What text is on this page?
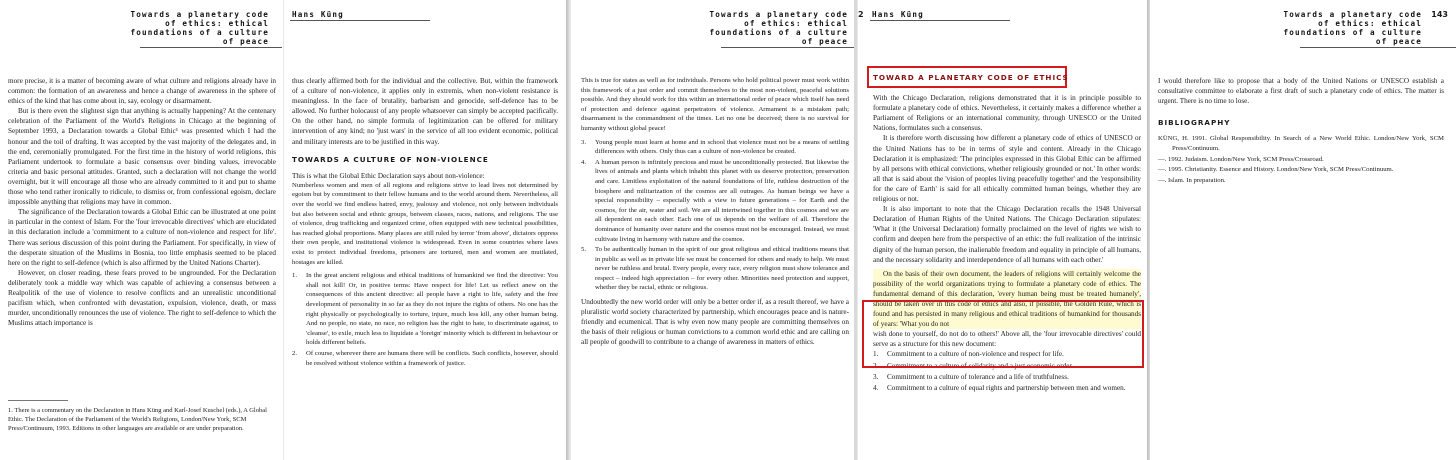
Towards a planetary code
of ethics: ethical
foundations of a culture
of peace

more precise, it is a matter of becoming aware of what culture and religions already have in common: the formation of an awareness and hence a change of awareness in the sphere of ethics of the kind that has come about in, say, ecology or disarmament.

But is there even the slightest sign that anything is actually happening? At the centenary celebration of the Parliament of the World's Religions in Chicago at the beginning of September 1993, a Declaration towards a Global Ethic¹ was presented which I had the honour and the toil of drafting. It was accepted by the vast majority of the delegates and, in the end, ceremonially promulgated. For the first time in the history of world religions, this Parliament undertook to formulate a basic consensus over binding values, irrevocable criteria and basic personal attitudes. Granted, such a declaration will not change the world overnight, but it will encourage all those who are already committed to it and put to shame those who tend rather ironically to ridicule, to dismiss or, from confessional egoism, declare impossible anything that religions may have in common.

The significance of the Declaration towards a Global Ethic can be illustrated at one point in particular in the context of Islam. For the 'four irrevocable directives' which are elucidated in this declaration include a 'commitment to a culture of non-violence and respect for life'. There was serious discussion of this point during the Parliament. For specifically, in view of the desperate situation of the Muslims in Bosnia, too little emphasis seemed to be placed here on the right to self-defence (which is also affirmed by the United Nations Charter).

However, on closer reading, these fears proved to be ungrounded. For the Declaration deliberately took a middle way which was capable of achieving a consensus between a Realpolitik of the use of violence to resolve conflicts and an unrealistic unconditional pacifism which, when confronted with devastation, expulsion, violence, death, or mass murder, unconditionally renounces the use of violence. The right to self-defence to which the Muslims attach importance is

1. There is a commentary on the Declaration in Hans Küng and Karl-Josef Kuschel (eds.), A Global Ethic. The Declaration of the Parliament of the World's Religions, London/New York, SCM Press/Continuum, 1993. Editions in other languages are available or are under preparation.
Hans Küng

thus clearly affirmed both for the individual and the collective. But, within the framework of a culture of non-violence, it applies only in extremis, when non-violent resistance is meaningless. In the face of brutality, barbarism and genocide, self-defence has to be allowed. No further holocaust of any people whatsoever can simply be accepted pacifically. On the other hand, no simple formula of legitimization can be offered for military intervention of any kind; no 'just wars' in the service of all too evident economic, political and military interests are to be justified in this way.

TOWARDS A CULTURE OF NON-VIOLENCE

This is what the Global Ethic Declaration says about non-violence:

Numberless women and men of all regions and religions strive to lead lives not determined by egoism but by commitment to their fellow humans and to the world around them. Nevertheless, all over the world we find endless hatred, envy, jealousy and violence, not only between individuals but also between social and ethnic groups, between classes, races, nations, and religions. The use of violence, drug trafficking and organized crime, often equipped with new technical possibilities, has reached global proportions. Many places are still ruled by terror 'from above', dictators oppress their own people, and institutional violence is widespread. Even in some countries where laws exist to protect individual freedoms, prisoners are tortured, men and women are mutilated, hostages are killed.

1. In the great ancient religious and ethical traditions of humankind we find the directive: You shall not kill! Or, in positive terms: Have respect for life! Let us reflect anew on the consequences of this ancient directive: all people have a right to life, safety and the free development of personality in so far as they do not injure the rights of others. No one has the right physically or psychologically to torture, injure, much less kill, any other human being. And no people, no state, no race, no religion has the right to hate, to discriminate against, to 'cleanse', to exile, much less to liquidate a 'foreign' minority which is different in behaviour or holds different beliefs.
2. Of course, wherever there are humans there will be conflicts. Such conflicts, however, should be resolved without violence within a framework of justice.
Towards a planetary code
of ethics: ethical
foundations of a culture
of peace

This is true for states as well as for individuals. Persons who hold political power must work within this framework of a just order and commit themselves to the most non-violent, peaceful solutions possible. And they should work for this within an international order of peace which itself has need of protection and defence against perpetrators of violence. Armament is a mistaken path; disarmament is the commandment of the times. Let no one be deceived; there is no survival for humanity without global peace!

3. Young people must learn at home and in school that violence must not be a means of settling differences with others. Only thus can a culture of non-violence be created.
4. A human person is infinitely precious and must be unconditionally protected. But likewise the lives of animals and plants which inhabit this planet with us deserve protection, preservation and care. Limitless exploitation of the natural foundations of life, ruthless destruction of the biosphere and militarization of the cosmos are all outrages. As human beings we have a special responsibility – especially with a view to future generations – for Earth and the cosmos, for the air, water and soil. We are all intertwined together in this cosmos and we are all dependent on each other. Each one of us depends on the welfare of all. Therefore the dominance of humanity over nature and the cosmos must not be encouraged. Instead, we must cultivate living in harmony with nature and the cosmos.
5. To be authentically human in the spirit of our great religious and ethical traditions means that in public as well as in private life we must be concerned for others and ready to help. We must never be ruthless and brutal. Every people, every race, every religion must show tolerance and respect – indeed high appreciation – for every other. Minorities need protection and support, whether they be racial, ethnic or religious.

Undoubtedly the new world order will only be a better order if, as a result thereof, we have a pluralistic world society characterized by partnership, which encourages peace and is nature-friendly and ecumenical. That is why even now many people are committing themselves on the basis of their religious or human convictions to a common world ethic and are calling on all people of goodwill to contribute to a change of awareness in matters of ethics.

2 Hans Küng
TOWARD A PLANETARY CODE OF ETHICS

With the Chicago Declaration, religions demonstrated that it is in principle possible to formulate a planetary code of ethics. Nevertheless, it certainly makes a difference whether a Parliament of Religions or an international community, through UNESCO or the United Nations, formulates such a consensus.

It is therefore worth discussing how different a planetary code of ethics of UNESCO or the United Nations has to be in terms of style and content. Already in the Chicago Declaration it is emphasized: 'The principles expressed in this Global Ethic can be affirmed by all persons with ethical convictions, whether religiously grounded or not.' In other words: all that is said about the 'vision of peoples living peacefully together' and the 'responsibility for the care of Earth' is said for all ethically committed human beings, whether they are religious or not.

It is also important to note that the Chicago Declaration recalls the 1948 Universal Declaration of Human Rights of the United Nations. The Chicago Declaration stipulates: 'What it (the Universal Declaration) formally proclaimed on the level of rights we wish to confirm and deepen here from the perspective of an ethic: the full realization of the intrinsic dignity of the human person, the inalienable freedom and equality in principle of all humans, and the necessary solidarity and interdependence of all humans with each other.'

On the basis of their own document, the leaders of religions will certainly welcome the possibility of the world organizations trying to formulate a planetary code of ethics. The fundamental demand of this declaration, 'every human being must be treated humanely', should be taken over in this code of ethics and also, if possible, the Golden Rule, which is found and has persisted in many religious and ethical traditions of humankind for thousands of years: 'What you do not

wish done to yourself, do not do to others!' Above all, the 'four irrevocable directives' could serve as a structure for this new document:

1. Commitment to a culture of non-violence and respect for life.
2. Commitment to a culture of solidarity and a just economic order.
3. Commitment to a culture of tolerance and a life of truthfulness.
4. Commitment to a culture of equal rights and partnership between men and women.
143
Towards a planetary code
of ethics: ethical
foundations of a culture
of peace

I would therefore like to propose that a body of the United Nations or UNESCO establish a consultative committee to elaborate a first draft of such a planetary code of ethics. The matter is urgent. There is no time to lose.

BIBLIOGRAPHY

KÜNG, H. 1991. Global Responsibility. In Search of a New World Ethic. London/New York, SCM Press/Continuum.

—. 1992. Judaism. London/New York, SCM Press/Crossroad.

—. 1995. Christianity. Essence and History. London/New York, SCM Press/Continuum.

—. Islam. In preparation.
